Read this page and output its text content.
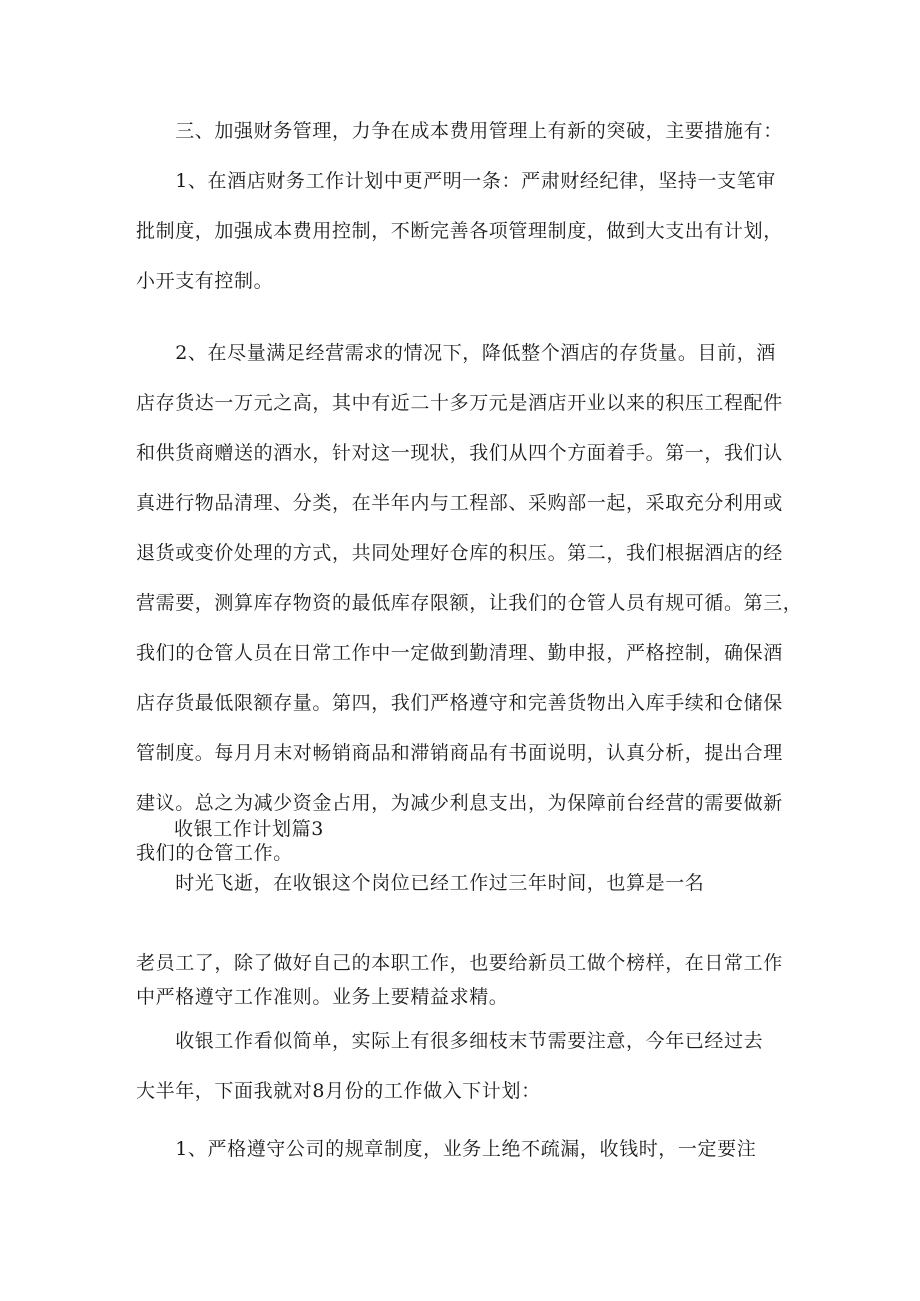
　　三、加强财务管理，力争在成本费用管理上有新的突破，主要措施有：

　　1、在酒店财务工作计划中更严明一条：严肃财经纪律，坚持一支笔审
批制度，加强成本费用控制，不断完善各项管理制度，做到大支出有计划，
小开支有控制。

　　2、在尽量满足经营需求的情况下，降低整个酒店的存货量。目前，酒
店存货达一万元之高，其中有近二十多万元是酒店开业以来的积压工程配件
和供货商赠送的酒水，针对这一现状，我们从四个方面着手。第一，我们认
真进行物品清理、分类，在半年内与工程部、采购部一起，采取充分利用或
退货或变价处理的方式，共同处理好仓库的积压。第二，我们根据酒店的经
营需要，测算库存物资的最低库存限额，让我们的仓管人员有规可循。第三，
我们的仓管人员在日常工作中一定做到勤清理、勤申报，严格控制，确保酒
店存货最低限额存量。第四，我们严格遵守和完善货物出入库手续和仓储保
管制度。每月月末对畅销商品和滞销商品有书面说明，认真分析，提出合理
建议。总之为减少资金占用，为减少利息支出，为保障前台经营的需要做新
我们的仓管工作。

收银工作计划篇3

　　时光飞逝，在收银这个岗位已经工作过三年时间，也算是一名

老员工了，除了做好自己的本职工作，也要给新员工做个榜样，在日常工作
中严格遵守工作准则。业务上要精益求精。

　　收银工作看似简单，实际上有很多细枝末节需要注意，今年已经过去
大半年，下面我就对8月份的工作做入下计划：

　　1、严格遵守公司的规章制度，业务上绝不疏漏，收钱时，一定要注
